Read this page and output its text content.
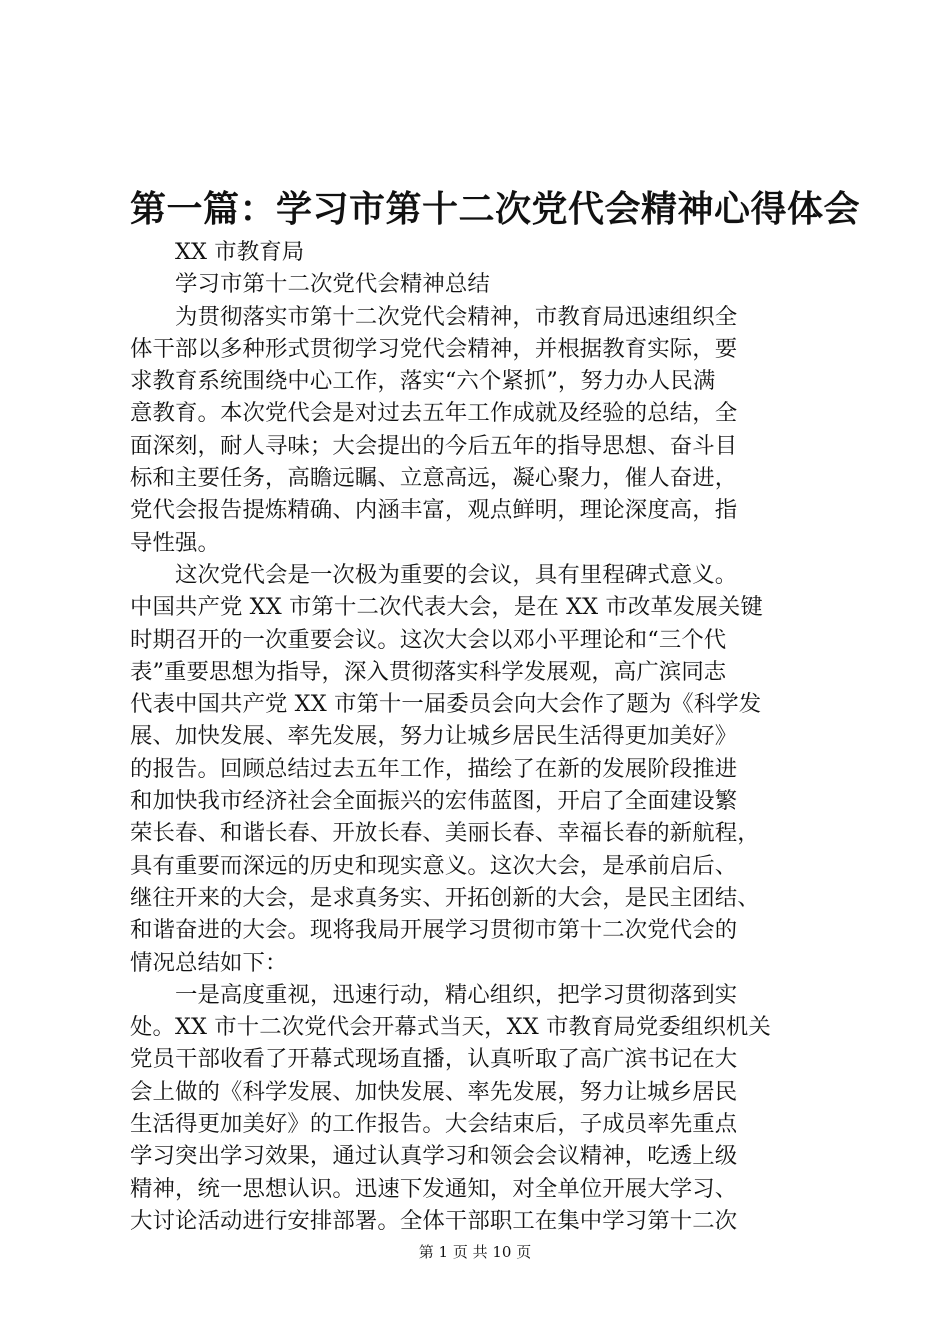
第一篇：学习市第十二次党代会精神心得体会
XX 市教育局
学习市第十二次党代会精神总结
为贯彻落实市第十二次党代会精神，市教育局迅速组织全
体干部以多种形式贯彻学习党代会精神，并根据教育实际，要
求教育系统围绕中心工作，落实“六个紧抓”，努力办人民满
意教育。本次党代会是对过去五年工作成就及经验的总结，全
面深刻，耐人寻味；大会提出的今后五年的指导思想、奋斗目
标和主要任务，高瞻远瞩、立意高远，凝心聚力，催人奋进，
党代会报告提炼精确、内涵丰富，观点鲜明，理论深度高，指
导性强。
这次党代会是一次极为重要的会议，具有里程碑式意义。
中国共产党 XX 市第十二次代表大会，是在 XX 市改革发展关键
时期召开的一次重要会议。这次大会以邓小平理论和“三个代
表”重要思想为指导，深入贯彻落实科学发展观，高广滨同志
代表中国共产党 XX 市第十一届委员会向大会作了题为《科学发
展、加快发展、率先发展，努力让城乡居民生活得更加美好》
的报告。回顾总结过去五年工作，描绘了在新的发展阶段推进
和加快我市经济社会全面振兴的宏伟蓝图，开启了全面建设繁
荣长春、和谐长春、开放长春、美丽长春、幸福长春的新航程，
具有重要而深远的历史和现实意义。这次大会，是承前启后、
继往开来的大会，是求真务实、开拓创新的大会，是民主团结、
和谐奋进的大会。现将我局开展学习贯彻市第十二次党代会的
情况总结如下：
一是高度重视，迅速行动，精心组织，把学习贯彻落到实
处。XX 市十二次党代会开幕式当天，XX 市教育局党委组织机关
党员干部收看了开幕式现场直播，认真听取了高广滨书记在大
会上做的《科学发展、加快发展、率先发展，努力让城乡居民
生活得更加美好》的工作报告。大会结束后，子成员率先重点
学习突出学习效果，通过认真学习和领会会议精神，吃透上级
精神，统一思想认识。迅速下发通知，对全单位开展大学习、
大讨论活动进行安排部署。全体干部职工在集中学习第十二次
第 1 页 共 10 页
